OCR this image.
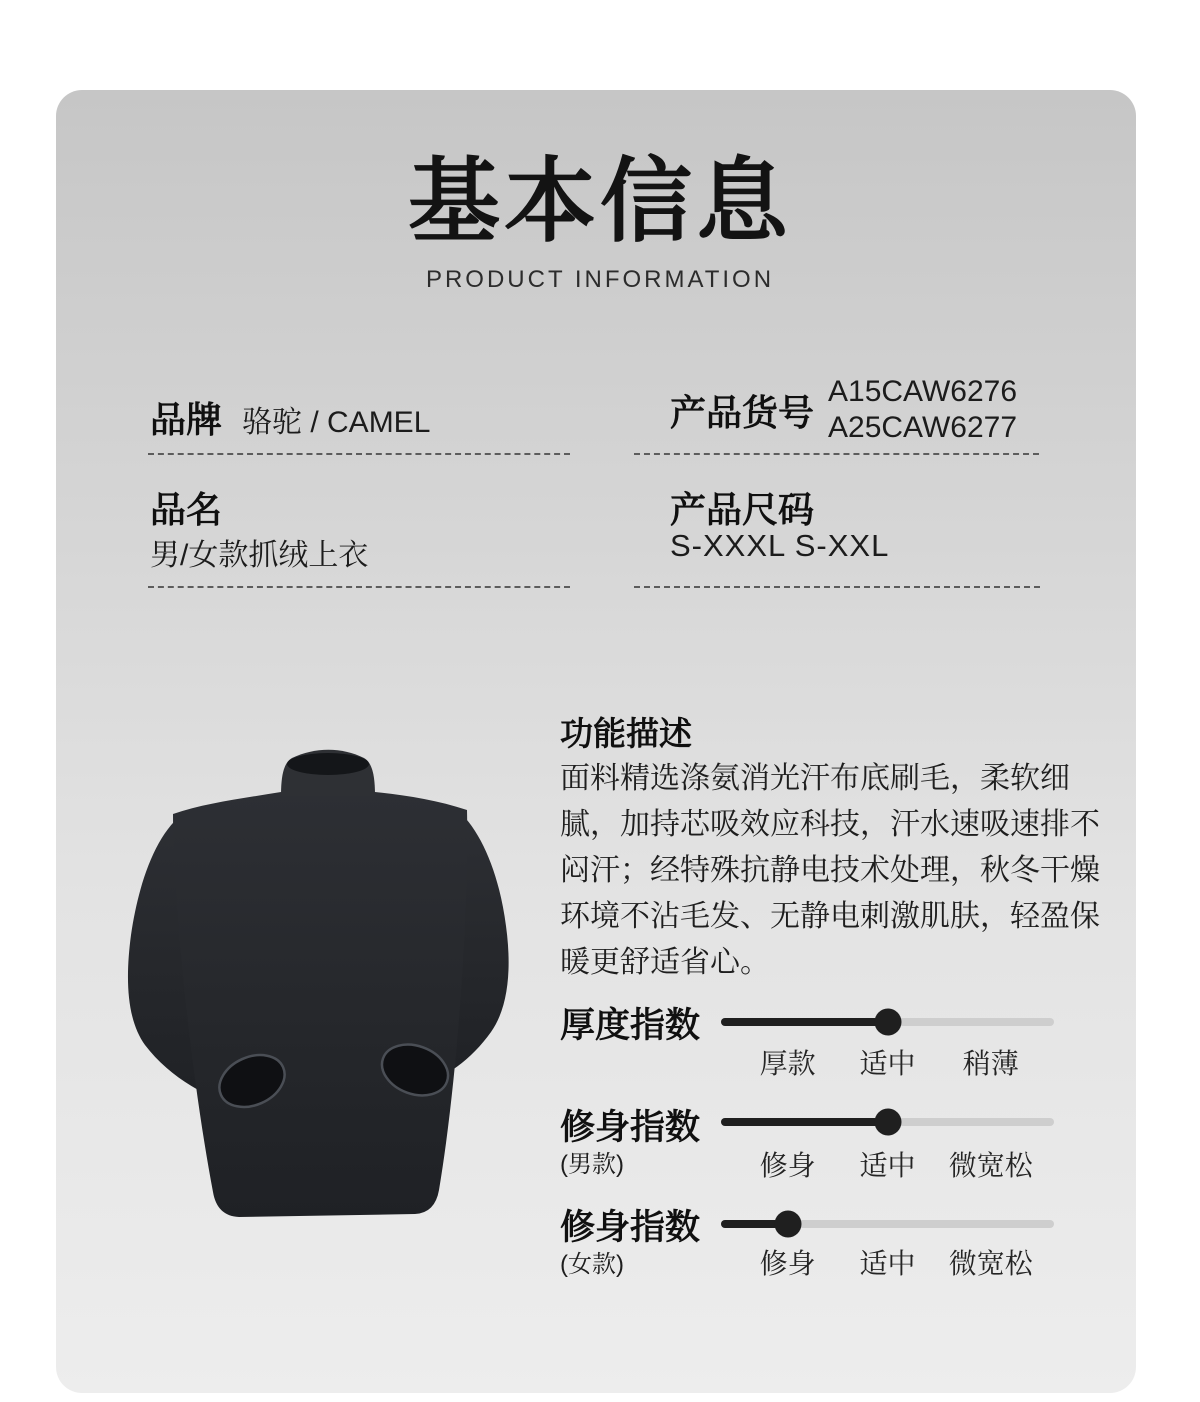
基本信息
PRODUCT INFORMATION
品牌 骆驼 / CAMEL	产品货号 A15CAW6276
A25CAW6277
品名
男/女款抓绒上衣
产品尺码
S-XXXL S-XXL
功能描述
面料精选涤氨消光汗布底刷毛，柔软细
腻，加持芯吸效应科技，汗水速吸速排不
闷汗；经特殊抗静电技术处理，秋冬干燥
环境不沾毛发、无静电刺激肌肤，轻盈保
暖更舒适省心。
厚度指数
厚款 适中 稍薄
修身指数
(男款)	修身 适中 微宽松
修身指数
(女款)	修身 适中 微宽松
